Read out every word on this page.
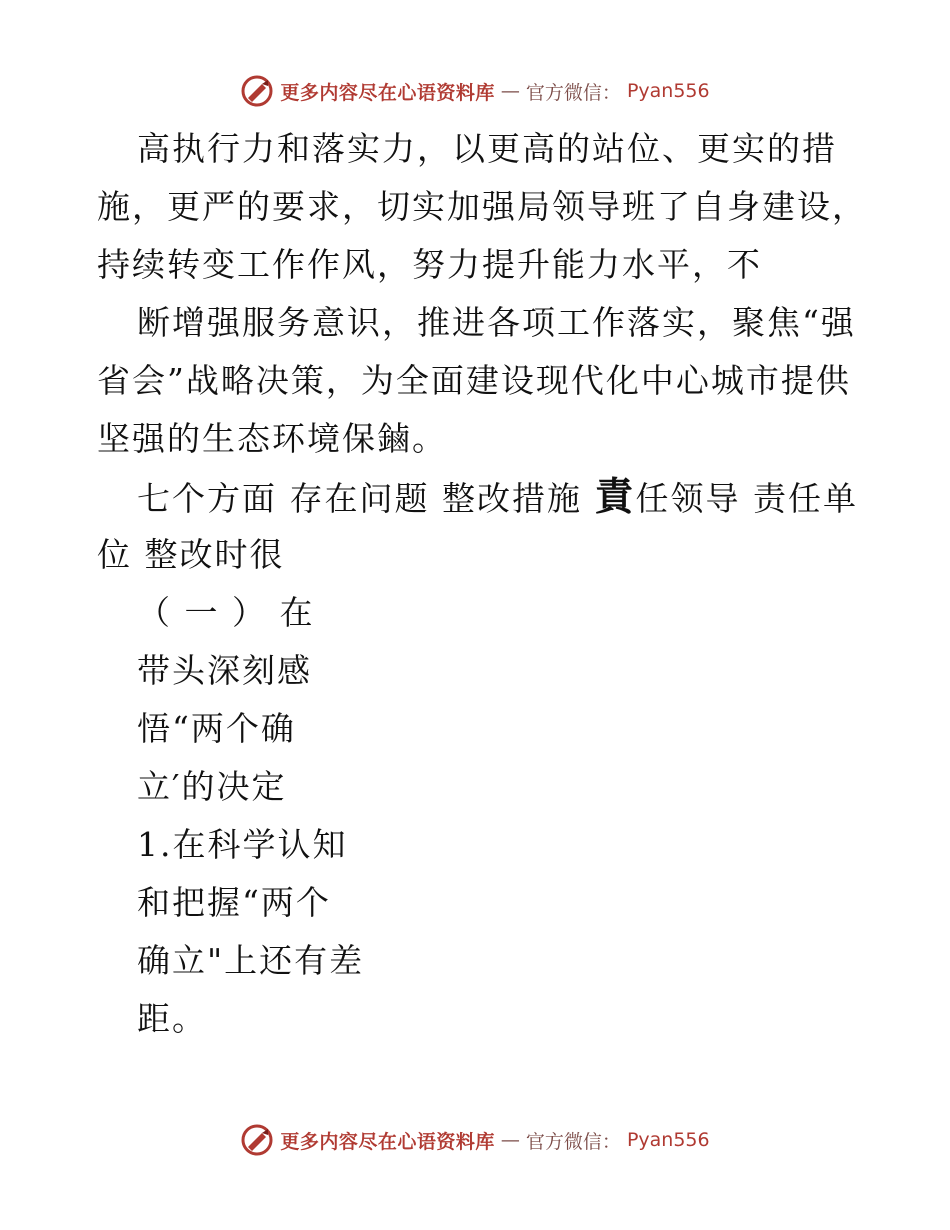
更多内容尽在心语资料库 — 官方微信： Pyan556
高执行力和落实力，以更高的站位、更实的措
施，更严的要求，切实加强局领导班了自身建设，
持续转变工作作风，努力提升能力水平，不
断增强服务意识，推进各项工作落实，聚焦“强
省会”战略决策，为全面建设现代化中心城市提供
坚强的生态环境保鏀。
七个方面 存在问题 整改措施 責任领导 责任单
位 整改时很
（ 一 ） 在
带头深刻感
悟“两个确
立′的决定
1.在科学认知
和把握“两个
确立"上还有差
距。
更多内容尽在心语资料库 — 官方微信： Pyan556
